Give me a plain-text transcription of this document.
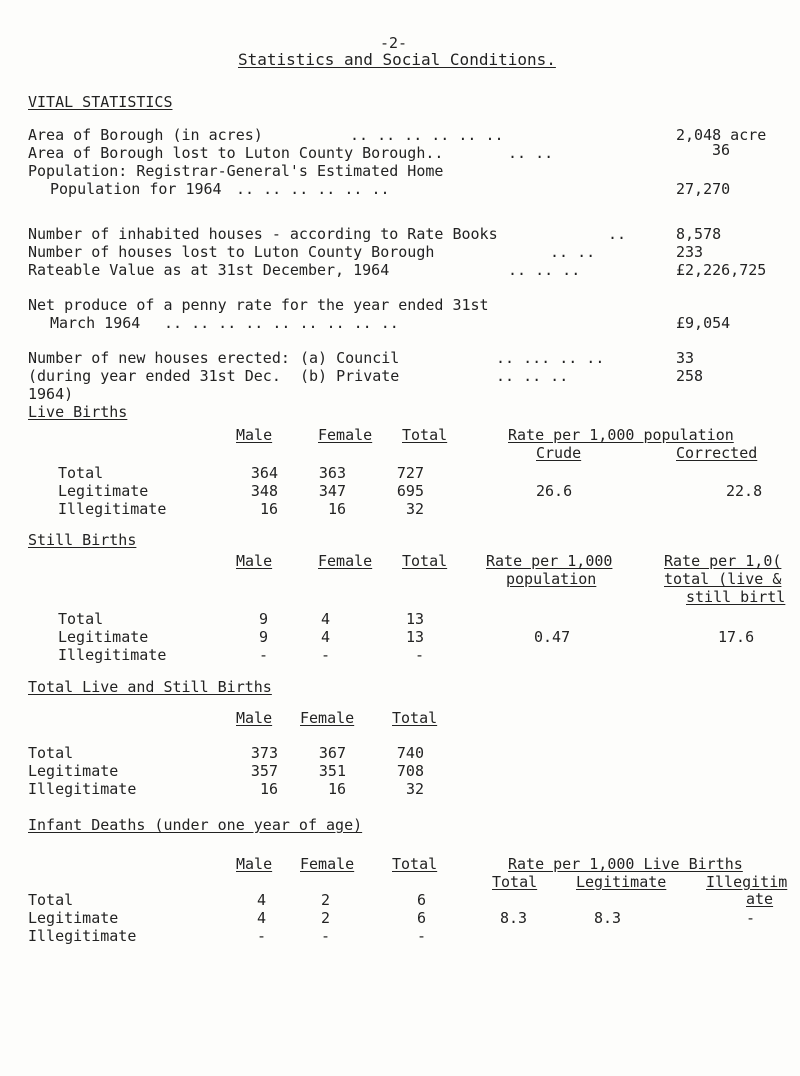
-2-
Statistics and Social Conditions.
VITAL STATISTICS
Area of Borough (in acres)	.. .. .. .. .. ..	2,048 acre
Area of Borough lost to Luton County Borough..	.. ..	36
Population: Registrar-General's Estimated Home
Population for 1964 .. .. .. .. .. ..	27,270
Number of inhabited houses - according to Rate Books	..	8,578
Number of houses lost to Luton County Borough	.. ..	233
Rateable Value as at 31st December, 1964	.. .. ..	£2,226,725
Net produce of a penny rate for the year ended 31st
March 1964 .. .. .. .. .. .. .. .. ..	£9,054
Number of new houses erected: (a) Council	.. ... .. ..	33
(during year ended 31st Dec. (b) Private	.. .. ..	258
1964)
Live Births
Male	Female Total	Rate per 1,000 population
Crude	Corrected
Total	364	363	727
Legitimate	348	347	695	26.6	22.8
Illegitimate	16	16	32
Still Births
Male	Female Total	Rate per 1,000
population
Rate per 1,0(
total (live &
still birtl
Total	9	4	13
Legitimate	9	4	13	0.47	17.6
Illegitimate	-	-	-
Total Live and Still Births
Male Female	Total
Total	373	367	740
Legitimate	357	351	708
Illegitimate	16	16	32
Infant Deaths (under one year of age)
Male Female	Total	Rate per 1,000 Live Births
Total	Legitimate	Illegitim
ate
Total	4	2	6
Legitimate	4	2	6	8.3	8.3	-
Illegitimate	-	-	-
